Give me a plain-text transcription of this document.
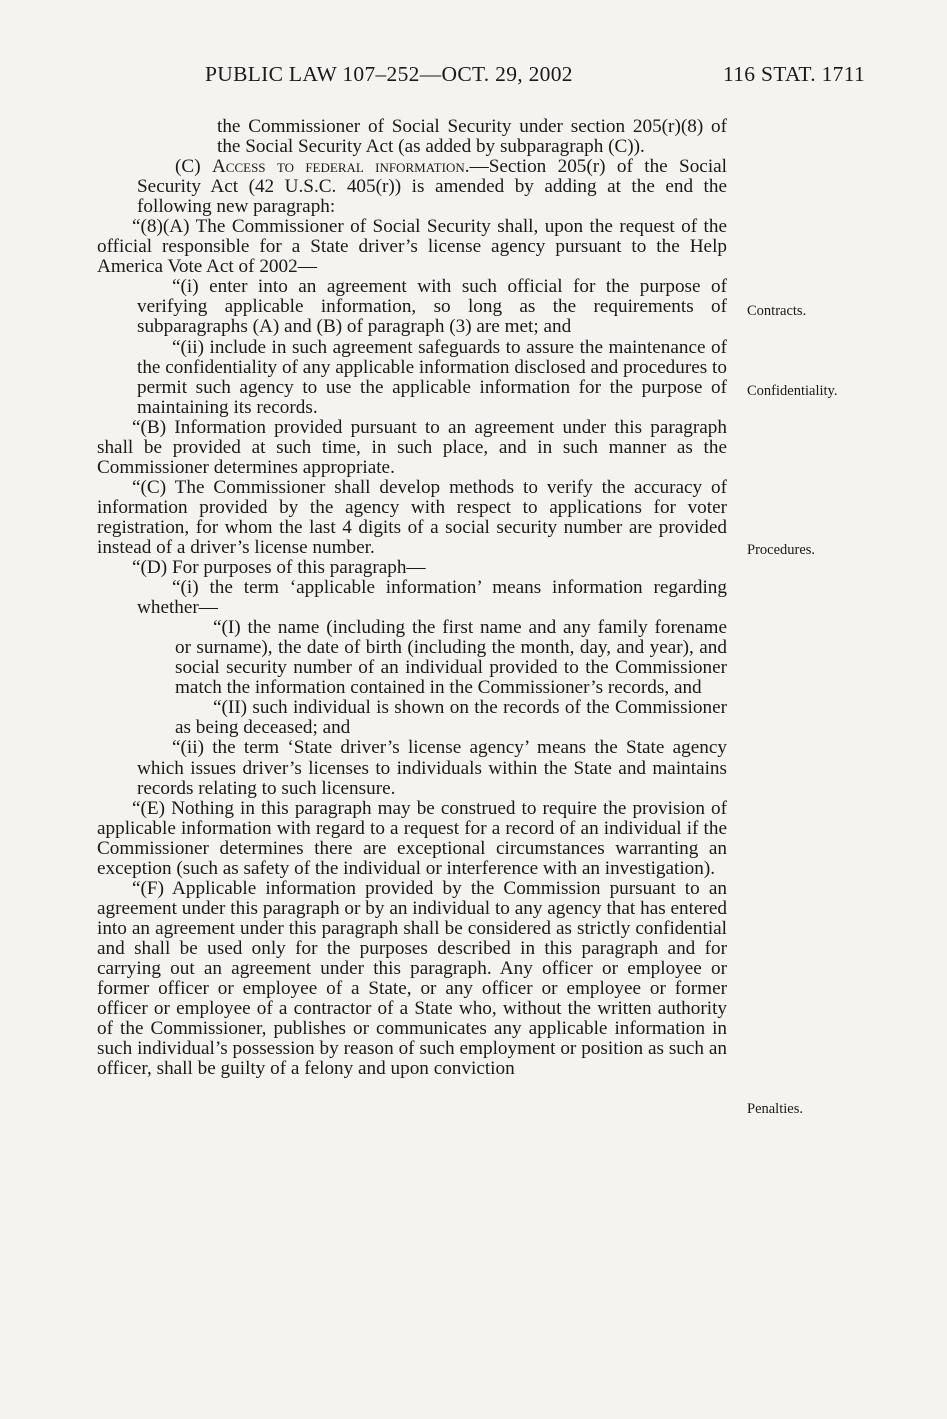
PUBLIC LAW 107–252—OCT. 29, 2002	116 STAT. 1711

the Commissioner of Social Security under section 205(r)(8) of the Social Security Act (as added by subparagraph (C)).

(C) Access to federal information.—Section 205(r) of the Social Security Act (42 U.S.C. 405(r)) is amended by adding at the end the following new paragraph:

“(8)(A) The Commissioner of Social Security shall, upon the request of the official responsible for a State driver’s license agency pursuant to the Help America Vote Act of 2002—

“(i) enter into an agreement with such official for the purpose of verifying applicable information, so long as the requirements of subparagraphs (A) and (B) of paragraph (3) are met; and

“(ii) include in such agreement safeguards to assure the maintenance of the confidentiality of any applicable information disclosed and procedures to permit such agency to use the applicable information for the purpose of maintaining its records.

“(B) Information provided pursuant to an agreement under this paragraph shall be provided at such time, in such place, and in such manner as the Commissioner determines appropriate.

“(C) The Commissioner shall develop methods to verify the accuracy of information provided by the agency with respect to applications for voter registration, for whom the last 4 digits of a social security number are provided instead of a driver’s license number.

“(D) For purposes of this paragraph—

“(i) the term ‘applicable information’ means information regarding whether—

“(I) the name (including the first name and any family forename or surname), the date of birth (including the month, day, and year), and social security number of an individual provided to the Commissioner match the information contained in the Commissioner’s records, and

“(II) such individual is shown on the records of the Commissioner as being deceased; and

“(ii) the term ‘State driver’s license agency’ means the State agency which issues driver’s licenses to individuals within the State and maintains records relating to such licensure.

“(E) Nothing in this paragraph may be construed to require the provision of applicable information with regard to a request for a record of an individual if the Commissioner determines there are exceptional circumstances warranting an exception (such as safety of the individual or interference with an investigation).

“(F) Applicable information provided by the Commission pursuant to an agreement under this paragraph or by an individual to any agency that has entered into an agreement under this paragraph shall be considered as strictly confidential and shall be used only for the purposes described in this paragraph and for carrying out an agreement under this paragraph. Any officer or employee or former officer or employee of a State, or any officer or employee or former officer or employee of a contractor of a State who, without the written authority of the Commissioner, publishes or communicates any applicable information in such individual’s possession by reason of such employment or position as such an officer, shall be guilty of a felony and upon conviction

Contracts.
Confidentiality.
Procedures.
Penalties.
